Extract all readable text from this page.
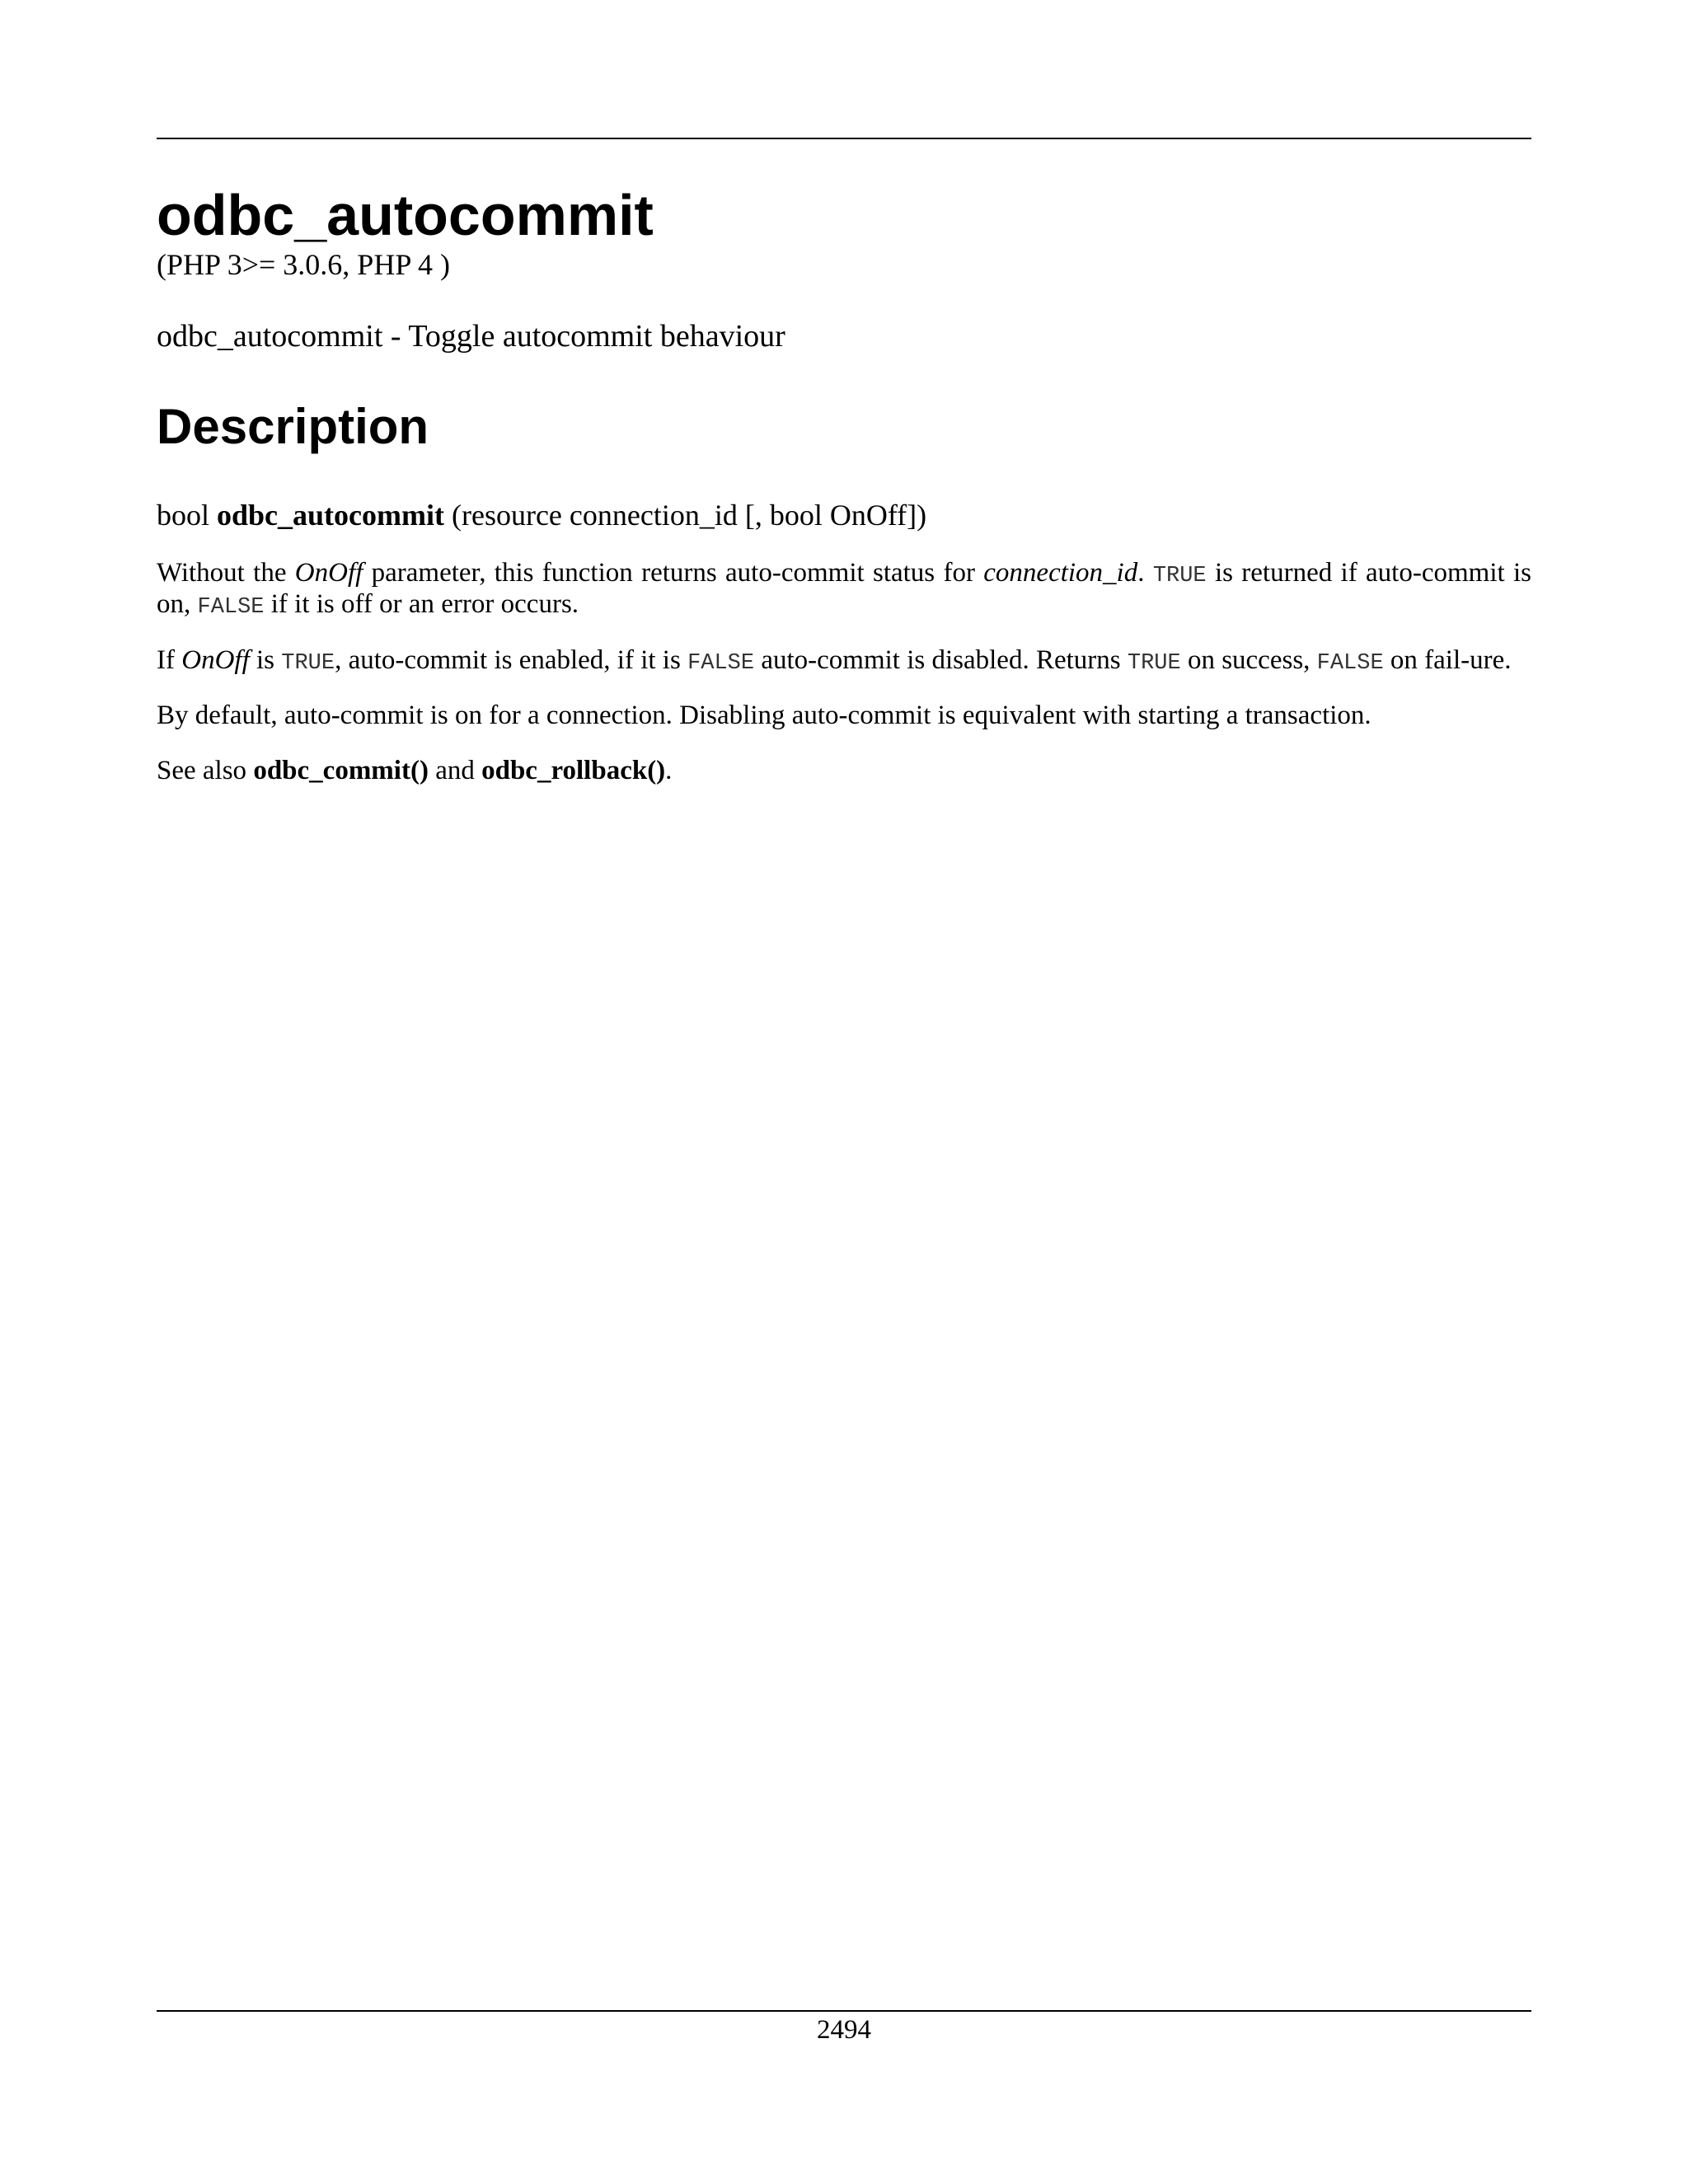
odbc_autocommit

(PHP 3>= 3.0.6, PHP 4 )

odbc_autocommit - Toggle autocommit behaviour

Description

bool odbc_autocommit (resource connection_id [, bool OnOff])

Without the OnOff parameter, this function returns auto-commit status for connection_id. TRUE is returned if auto-commit is on, FALSE if it is off or an error occurs.

If OnOff is TRUE, auto-commit is enabled, if it is FALSE auto-commit is disabled. Returns TRUE on success, FALSE on fail-ure.

By default, auto-commit is on for a connection. Disabling auto-commit is equivalent with starting a transaction.

See also odbc_commit() and odbc_rollback().

2494
